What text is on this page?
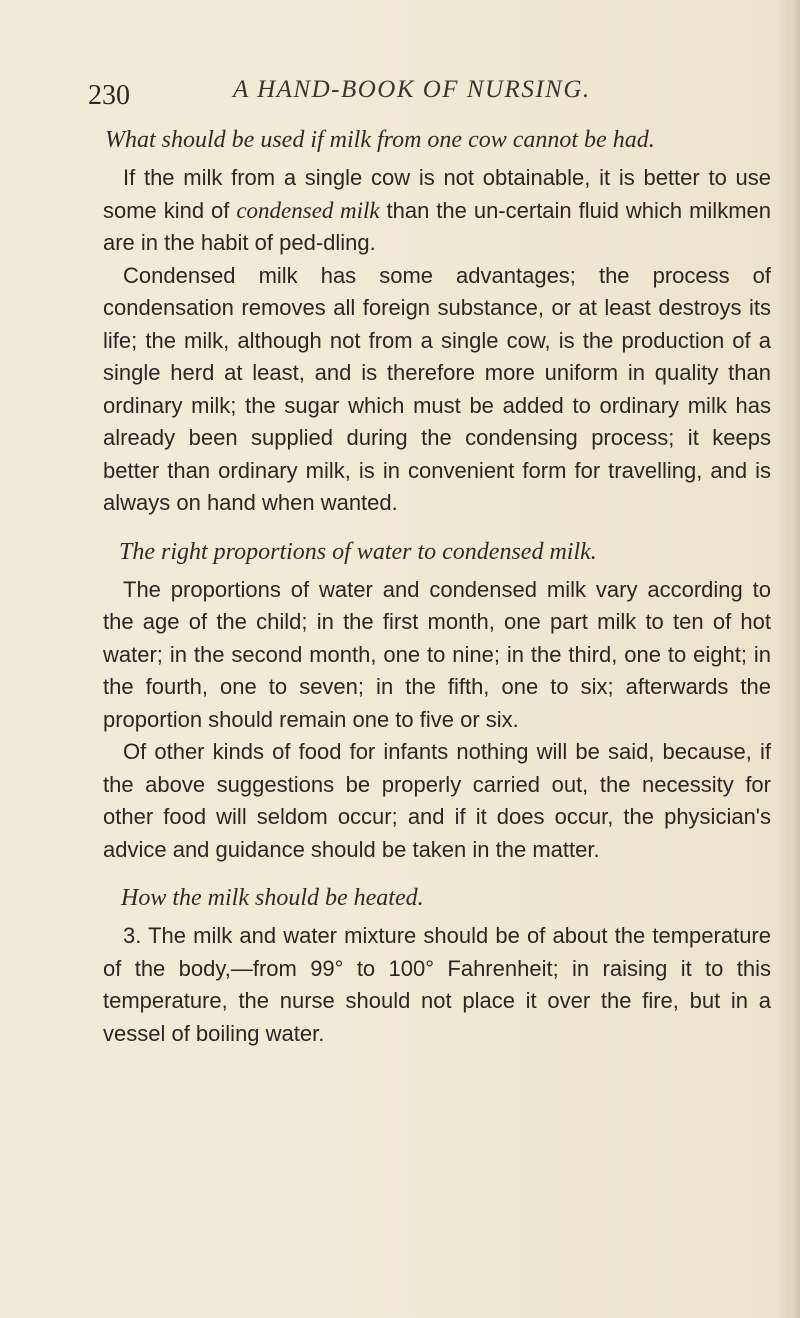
230	A HAND-BOOK OF NURSING.

What should be used if milk from one cow cannot be had.

If the milk from a single cow is not obtainable, it is better to use some kind of condensed milk than the un-certain fluid which milkmen are in the habit of ped-dling.

Condensed milk has some advantages; the process of condensation removes all foreign substance, or at least destroys its life; the milk, although not from a single cow, is the production of a single herd at least, and is therefore more uniform in quality than ordinary milk; the sugar which must be added to ordinary milk has already been supplied during the condensing process; it keeps better than ordinary milk, is in convenient form for travelling, and is always on hand when wanted.

The right proportions of water to condensed milk.

The proportions of water and condensed milk vary according to the age of the child; in the first month, one part milk to ten of hot water; in the second month, one to nine; in the third, one to eight; in the fourth, one to seven; in the fifth, one to six; afterwards the proportion should remain one to five or six.

Of other kinds of food for infants nothing will be said, because, if the above suggestions be properly carried out, the necessity for other food will seldom occur; and if it does occur, the physician's advice and guidance should be taken in the matter.

How the milk should be heated.

3. The milk and water mixture should be of about the temperature of the body,—from 99° to 100° Fahrenheit; in raising it to this temperature, the nurse should not place it over the fire, but in a vessel of boiling water.
